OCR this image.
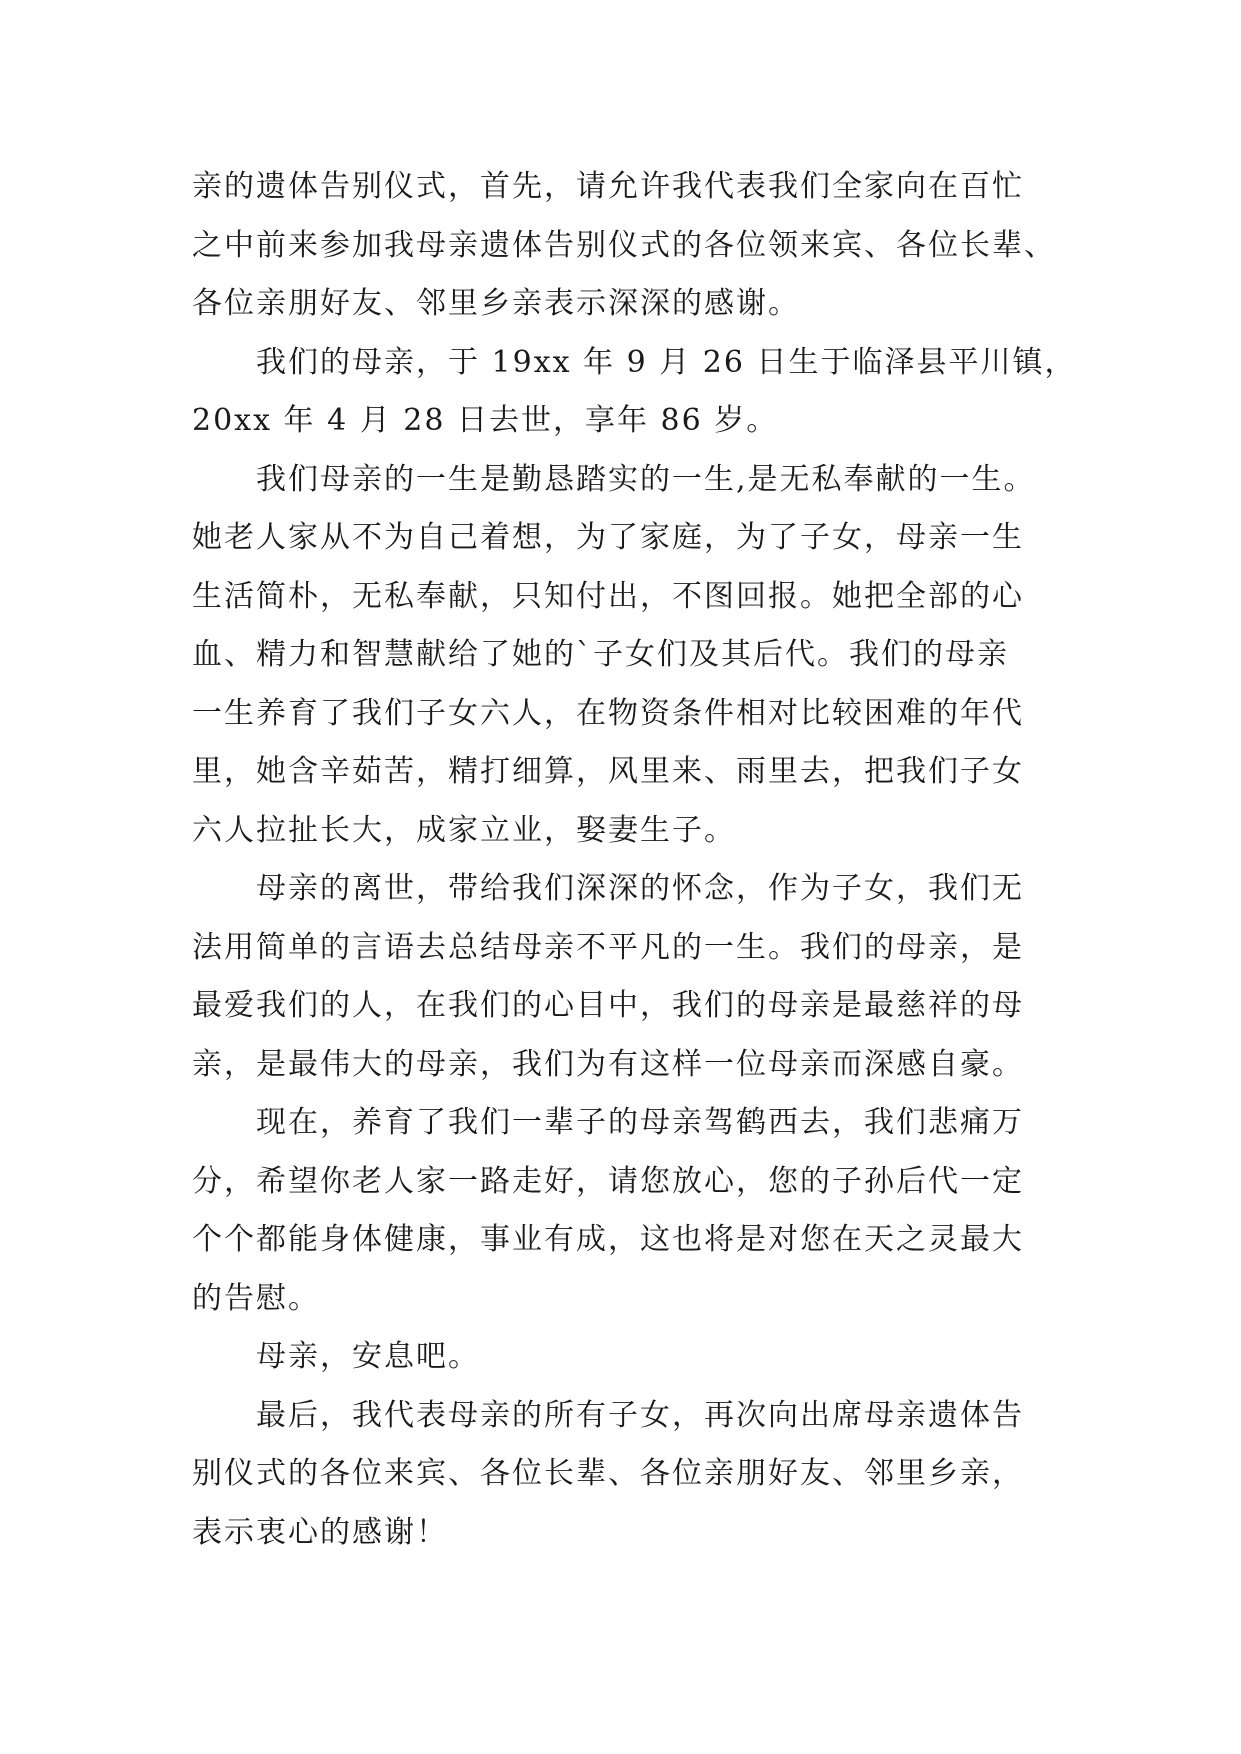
亲的遗体告别仪式，首先，请允许我代表我们全家向在百忙
之中前来参加我母亲遗体告别仪式的各位领来宾、各位长辈、
各位亲朋好友、邻里乡亲表示深深的感谢。
我们的母亲，于 19xx 年 9 月 26 日生于临泽县平川镇，
20xx 年 4 月 28 日去世，享年 86 岁。
我们母亲的一生是勤恳踏实的一生,是无私奉献的一生。
她老人家从不为自己着想，为了家庭，为了子女，母亲一生
生活简朴，无私奉献，只知付出，不图回报。她把全部的心
血、精力和智慧献给了她的`子女们及其后代。我们的母亲
一生养育了我们子女六人，在物资条件相对比较困难的年代
里，她含辛茹苦，精打细算，风里来、雨里去，把我们子女
六人拉扯长大，成家立业，娶妻生子。
母亲的离世，带给我们深深的怀念，作为子女，我们无
法用简单的言语去总结母亲不平凡的一生。我们的母亲，是
最爱我们的人，在我们的心目中，我们的母亲是最慈祥的母
亲，是最伟大的母亲，我们为有这样一位母亲而深感自豪。
现在，养育了我们一辈子的母亲驾鹤西去，我们悲痛万
分，希望你老人家一路走好，请您放心，您的子孙后代一定
个个都能身体健康，事业有成，这也将是对您在天之灵最大
的告慰。
母亲，安息吧。
最后，我代表母亲的所有子女，再次向出席母亲遗体告
别仪式的各位来宾、各位长辈、各位亲朋好友、邻里乡亲，
表示衷心的感谢！
